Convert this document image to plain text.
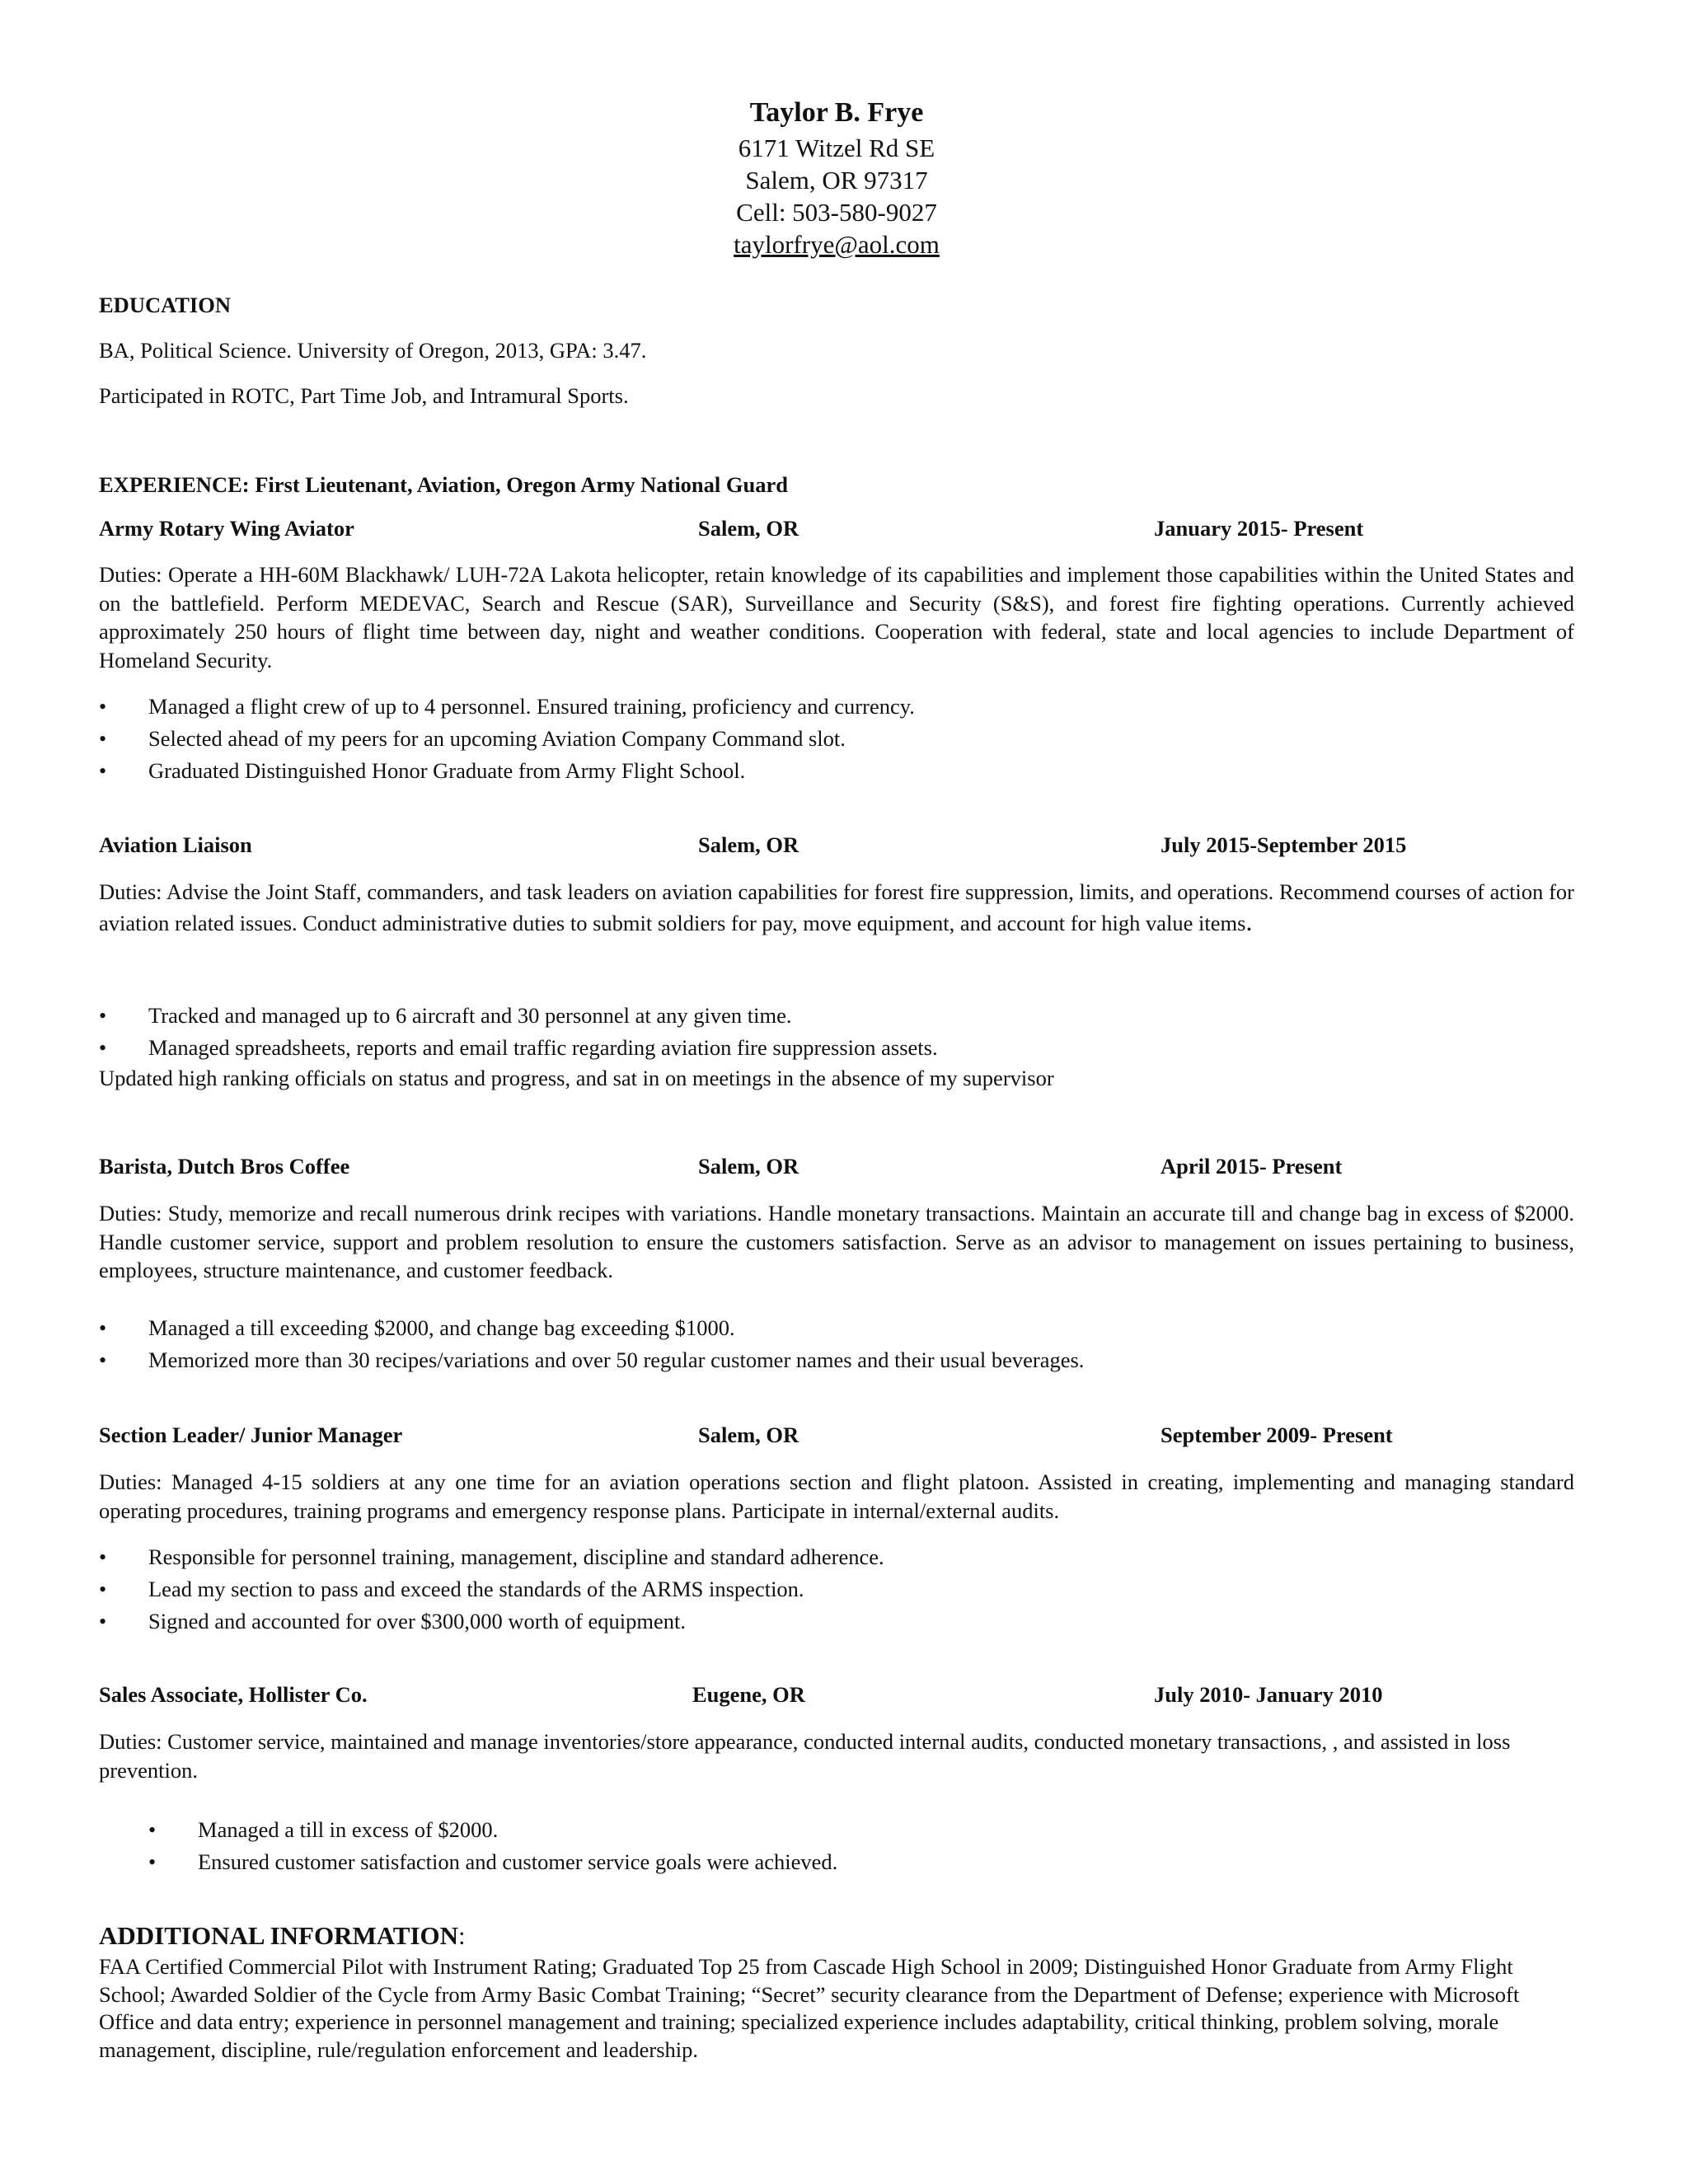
Taylor B. Frye
6171 Witzel Rd SE
Salem, OR 97317
Cell: 503-580-9027
taylorfrye@aol.com
EDUCATION
BA, Political Science. University of Oregon, 2013, GPA: 3.47.
Participated in ROTC, Part Time Job, and Intramural Sports.
EXPERIENCE: First Lieutenant, Aviation, Oregon Army National Guard
Army Rotary Wing Aviator	Salem, OR	January 2015- Present
Duties: Operate a HH-60M Blackhawk/ LUH-72A Lakota helicopter, retain knowledge of its capabilities and implement those capabilities within the United States and on the battlefield. Perform MEDEVAC, Search and Rescue (SAR), Surveillance and Security (S&S), and forest fire fighting operations. Currently achieved approximately 250 hours of flight time between day, night and weather conditions. Cooperation with federal, state and local agencies to include Department of Homeland Security.
• Managed a flight crew of up to 4 personnel. Ensured training, proficiency and currency.
• Selected ahead of my peers for an upcoming Aviation Company Command slot.
• Graduated Distinguished Honor Graduate from Army Flight School.
Aviation Liaison	Salem, OR	July 2015-September 2015
Duties: Advise the Joint Staff, commanders, and task leaders on aviation capabilities for forest fire suppression, limits, and operations. Recommend courses of action for aviation related issues. Conduct administrative duties to submit soldiers for pay, move equipment, and account for high value items.
• Tracked and managed up to 6 aircraft and 30 personnel at any given time.
• Managed spreadsheets, reports and email traffic regarding aviation fire suppression assets.
Updated high ranking officials on status and progress, and sat in on meetings in the absence of my supervisor
Barista, Dutch Bros Coffee	Salem, OR	April 2015- Present
Duties: Study, memorize and recall numerous drink recipes with variations. Handle monetary transactions. Maintain an accurate till and change bag in excess of $2000. Handle customer service, support and problem resolution to ensure the customers satisfaction. Serve as an advisor to management on issues pertaining to business, employees, structure maintenance, and customer feedback.
• Managed a till exceeding $2000, and change bag exceeding $1000.
• Memorized more than 30 recipes/variations and over 50 regular customer names and their usual beverages.
Section Leader/ Junior Manager	Salem, OR	September 2009- Present
Duties: Managed 4-15 soldiers at any one time for an aviation operations section and flight platoon. Assisted in creating, implementing and managing standard operating procedures, training programs and emergency response plans. Participate in internal/external audits.
• Responsible for personnel training, management, discipline and standard adherence.
• Lead my section to pass and exceed the standards of the ARMS inspection.
• Signed and accounted for over $300,000 worth of equipment.
Sales Associate, Hollister Co.	Eugene, OR	July 2010- January 2010
Duties: Customer service, maintained and manage inventories/store appearance, conducted internal audits, conducted monetary transactions, , and assisted in loss prevention.
• Managed a till in excess of $2000.
• Ensured customer satisfaction and customer service goals were achieved.
ADDITIONAL INFORMATION:
FAA Certified Commercial Pilot with Instrument Rating; Graduated Top 25 from Cascade High School in 2009; Distinguished Honor Graduate from Army Flight School; Awarded Soldier of the Cycle from Army Basic Combat Training; “Secret” security clearance from the Department of Defense; experience with Microsoft Office and data entry; experience in personnel management and training; specialized experience includes adaptability, critical thinking, problem solving, morale management, discipline, rule/regulation enforcement and leadership.
